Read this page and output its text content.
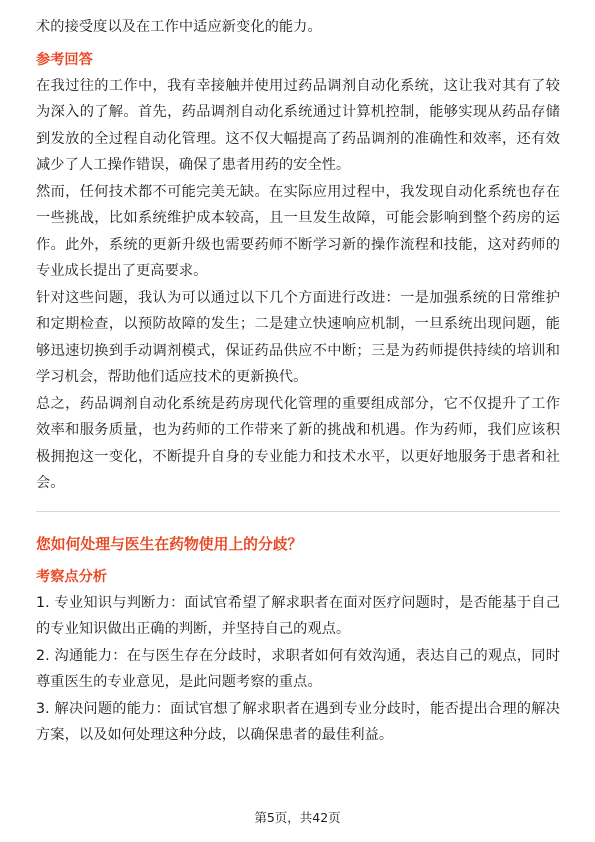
术的接受度以及在工作中适应新变化的能力。

参考回答

在我过往的工作中，我有幸接触并使用过药品调剂自动化系统，这让我对其有了较为深入的了解。首先，药品调剂自动化系统通过计算机控制，能够实现从药品存储到发放的全过程自动化管理。这不仅大幅提高了药品调剂的准确性和效率，还有效减少了人工操作错误，确保了患者用药的安全性。

然而，任何技术都不可能完美无缺。在实际应用过程中，我发现自动化系统也存在一些挑战，比如系统维护成本较高，且一旦发生故障，可能会影响到整个药房的运作。此外，系统的更新升级也需要药师不断学习新的操作流程和技能，这对药师的专业成长提出了更高要求。

针对这些问题，我认为可以通过以下几个方面进行改进：一是加强系统的日常维护和定期检查，以预防故障的发生；二是建立快速响应机制，一旦系统出现问题，能够迅速切换到手动调剂模式，保证药品供应不中断；三是为药师提供持续的培训和学习机会，帮助他们适应技术的更新换代。

总之，药品调剂自动化系统是药房现代化管理的重要组成部分，它不仅提升了工作效率和服务质量，也为药师的工作带来了新的挑战和机遇。作为药师，我们应该积极拥抱这一变化，不断提升自身的专业能力和技术水平，以更好地服务于患者和社会。

您如何处理与医生在药物使用上的分歧？
考察点分析

1. 专业知识与判断力：面试官希望了解求职者在面对医疗问题时，是否能基于自己的专业知识做出正确的判断，并坚持自己的观点。

2. 沟通能力：在与医生存在分歧时，求职者如何有效沟通，表达自己的观点，同时尊重医生的专业意见，是此问题考察的重点。

3. 解决问题的能力：面试官想了解求职者在遇到专业分歧时，能否提出合理的解决方案，以及如何处理这种分歧，以确保患者的最佳利益。

第5页，共42页
